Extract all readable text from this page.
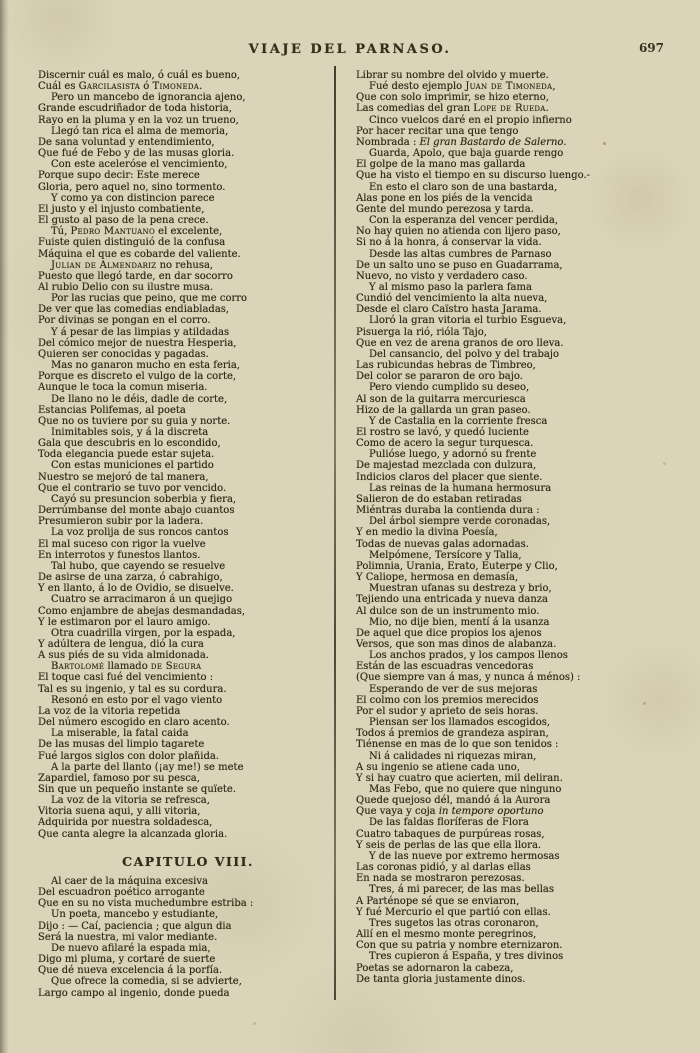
VIAJE DEL PARNASO.	697
Discernir cuál es malo, ó cuál es bueno,
Cuál es Garcilasista ó Timoneda.
Pero un mancebo de ignorancia ajeno,
Grande escudriñador de toda historia,
Rayo en la pluma y en la voz un trueno,
Llegó tan rica el alma de memoria,
De sana voluntad y entendimiento,
Que fué de Febo y de las musas gloria.
Con este aceleróse el vencimiento,
Porque supo decir: Este merece
Gloria, pero aquel no, sino tormento.
Y como ya con distincion parece
El justo y el injusto combatiente,
El gusto al paso de la pena crece.
Tú, Pedro Mantuano el excelente,
Fuiste quien distinguió de la confusa
Máquina el que es cobarde del valiente.
Julian de Almendariz no rehusa,
Puesto que llegó tarde, en dar socorro
Al rubio Delio con su ilustre musa.
Por las rucias que peino, que me corro
De ver que las comedias endiabladas,
Por divinas se pongan en el corro.
Y á pesar de las limpias y atildadas
Del cómico mejor de nuestra Hesperia,
Quieren ser conocidas y pagadas.
Mas no ganaron mucho en esta feria,
Porque es discreto el vulgo de la corte,
Aunque le toca la comun miseria.
De llano no le déis, dadle de corte,
Estancias Polifemas, al poeta
Que no os tuviere por su guia y norte.
Inimitables sois, y á la discreta
Gala que descubris en lo escondido,
Toda elegancia puede estar sujeta.
Con estas municiones el partido
Nuestro se mejoró de tal manera,
Que el contrario se tuvo por vencido.
Cayó su presuncion soberbia y fiera,
Derrúmbanse del monte abajo cuantos
Presumieron subir por la ladera.
La voz prolija de sus roncos cantos
El mal suceso con rigor la vuelve
En interrotos y funestos llantos.
Tal hubo, que cayendo se resuelve
De asirse de una zarza, ó cabrahigo,
Y en llanto, á lo de Ovidio, se disuelve.
Cuatro se arracimaron á un quejigo
Como enjambre de abejas desmandadas,
Y le estimaron por el lauro amigo.
Otra cuadrilla virgen, por la espada,
Y adúltera de lengua, dió la cura
A sus piés de su vida almidonada.
Bartolomé llamado de Segura
El toque casi fué del vencimiento :
Tal es su ingenio, y tal es su cordura.
Resonó en esto por el vago viento
La voz de la vitoria repetida
Del número escogido en claro acento.
La miserable, la fatal caida
De las musas del limpio tagarete
Fué largos siglos con dolor plañida.
A la parte del llanto (¡ay me!) se mete
Zapardiel, famoso por su pesca,
Sin que un pequeño instante se quïete.
La voz de la vitoria se refresca,
Vitoria suena aqui, y alli vitoria,
Adquirida por nuestra soldadesca,
Que canta alegre la alcanzada gloria.
CAPITULO VIII.
Al caer de la máquina excesiva
Del escuadron poético arrogante
Que en su no vista muchedumbre estriba :
Un poeta, mancebo y estudiante,
Dijo : — Caí, paciencia ; que algun dia
Será la nuestra, mi valor mediante.
De nuevo afilaré la espada mia,
Digo mi pluma, y cortaré de suerte
Que dé nueva excelencia á la porfía.
Que ofrece la comedia, si se advierte,
Largo campo al ingenio, donde pueda
Librar su nombre del olvido y muerte.
Fué desto ejemplo Juan de Timoneda,
Que con solo imprimir, se hizo eterno,
Las comedias del gran Lope de Rueda.
Cinco vuelcos daré en el propio infierno
Por hacer recitar una que tengo
Nombrada : El gran Bastardo de Salerno.
Guarda, Apolo, que baja guarde rengo
El golpe de la mano mas gallarda
Que ha visto el tiempo en su discurso luengo.-
En esto el claro son de una bastarda,
Alas pone en los piés de la vencida
Gente del mundo perezosa y tarda.
Con la esperanza del vencer perdida,
No hay quien no atienda con lijero paso,
Si no á la honra, á conservar la vida.
Desde las altas cumbres de Parnaso
De un salto uno se puso en Guadarrama,
Nuevo, no visto y verdadero caso.
Y al mismo paso la parlera fama
Cundió del vencimiento la alta nueva,
Desde el claro Caïstro hasta Jarama.
Lloró la gran vitoria el turbio Esgueva,
Pisuerga la rió, rióla Tajo,
Que en vez de arena granos de oro lleva.
Del cansancio, del polvo y del trabajo
Las rubicundas hebras de Timbreo,
Del color se pararon de oro bajo.
Pero viendo cumplido su deseo,
Al son de la guitarra mercuriesca
Hizo de la gallarda un gran paseo.
Y de Castalia en la corriente fresca
El rostro se lavó, y quedó luciente
Como de acero la segur turquesca.
Pulióse luego, y adornó su frente
De majestad mezclada con dulzura,
Indicios claros del placer que siente.
Las reinas de la humana hermosura
Salieron de do estaban retiradas
Miéntras duraba la contienda dura :
Del árbol siempre verde coronadas,
Y en medio la divina Poesía,
Todas de nuevas galas adornadas.
Melpómene, Tersícore y Talia,
Polimnia, Urania, Erato, Euterpe y Clio,
Y Caliope, hermosa en demasía,
Muestran ufanas su destreza y brio,
Tejiendo una entricada y nueva danza
Al dulce son de un instrumento mio.
Mio, no dije bien, mentí á la usanza
De aquel que dice propios los ajenos
Versos, que son mas dinos de alabanza.
Los anchos prados, y los campos llenos
Están de las escuadras vencedoras
(Que siempre van á mas, y nunca á ménos) :
Esperando de ver de sus mejoras
El colmo con los premios merecidos
Por el sudor y aprieto de seis horas.
Piensan ser los llamados escogidos,
Todos á premios de grandeza aspiran,
Tiénense en mas de lo que son tenidos :
Ni á calidades ni riquezas miran,
A su ingenio se atiene cada uno,
Y si hay cuatro que acierten, mil deliran.
Mas Febo, que no quiere que ninguno
Quede quejoso dél, mandó á la Aurora
Que vaya y coja in tempore oportuno
De las faldas floríferas de Flora
Cuatro tabaques de purpúreas rosas,
Y seis de perlas de las que ella llora.
Y de las nueve por extremo hermosas
Las coronas pidió, y al darlas ellas
En nada se mostraron perezosas.
Tres, á mi parecer, de las mas bellas
A Parténope sé que se enviaron,
Y fué Mercurio el que partió con ellas.
Tres sugetos las otras coronaron,
Allí en el mesmo monte peregrinos,
Con que su patria y nombre eternizaron.
Tres cupieron á España, y tres divinos
Poetas se adornaron la cabeza,
De tanta gloria justamente dinos.
